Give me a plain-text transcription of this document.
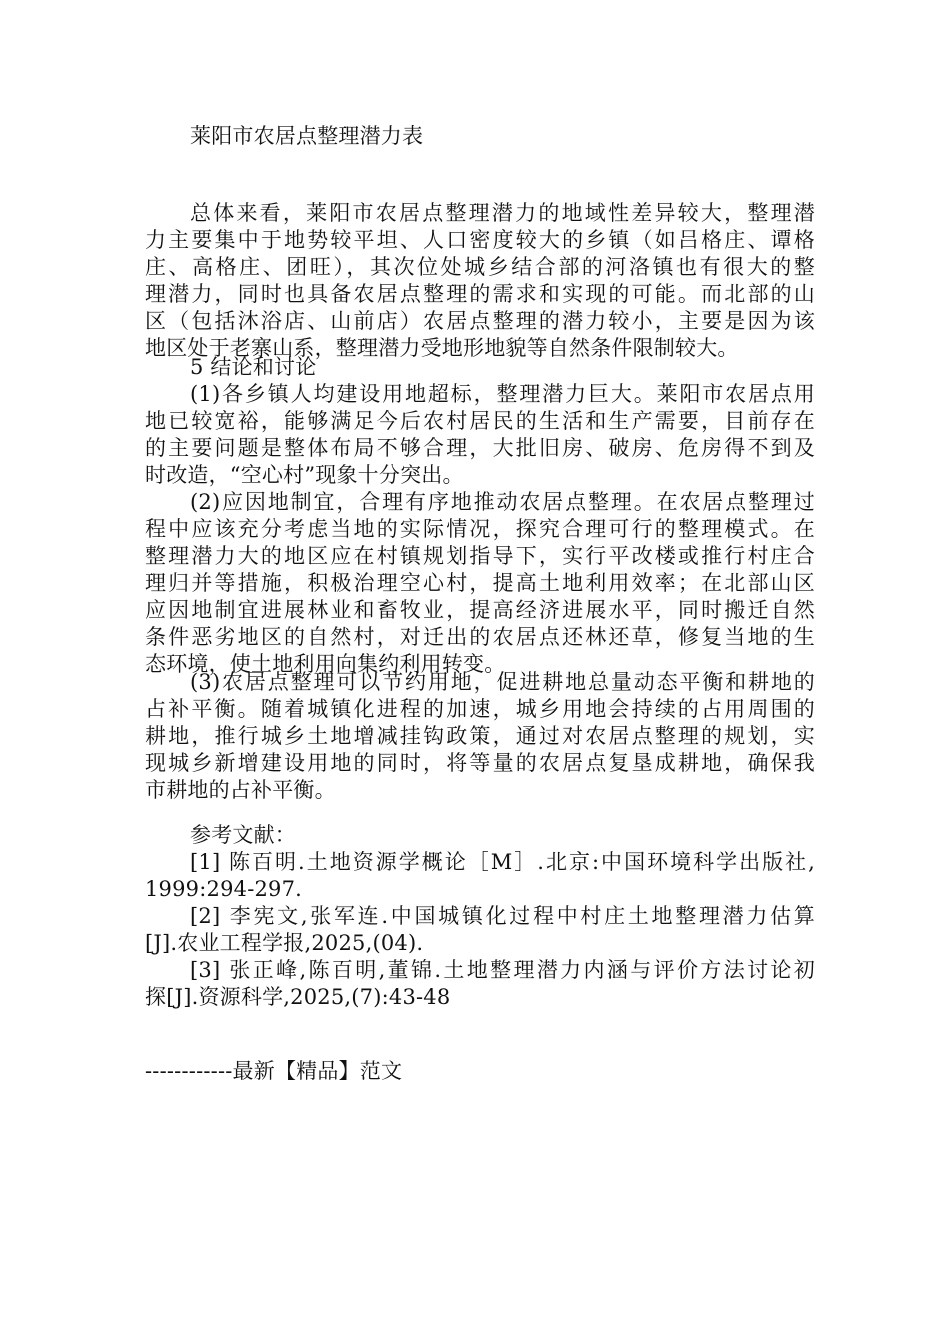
莱阳市农居点整理潜力表
总体来看，莱阳市农居点整理潜力的地域性差异较大，整理潜
力主要集中于地势较平坦、人口密度较大的乡镇（如吕格庄、谭格
庄、高格庄、团旺），其次位处城乡结合部的河洛镇也有很大的整
理潜力，同时也具备农居点整理的需求和实现的可能。而北部的山
区（包括沐浴店、山前店）农居点整理的潜力较小，主要是因为该
地区处于老寨山系，整理潜力受地形地貌等自然条件限制较大。
5 结论和讨论
(1)各乡镇人均建设用地超标，整理潜力巨大。莱阳市农居点用
地已较宽裕，能够满足今后农村居民的生活和生产需要，目前存在
的主要问题是整体布局不够合理，大批旧房、破房、危房得不到及
时改造，“空心村”现象十分突出。
(2)应因地制宜，合理有序地推动农居点整理。在农居点整理过
程中应该充分考虑当地的实际情况，探究合理可行的整理模式。在
整理潜力大的地区应在村镇规划指导下，实行平改楼或推行村庄合
理归并等措施，积极治理空心村，提高土地利用效率；在北部山区
应因地制宜进展林业和畜牧业，提高经济进展水平，同时搬迁自然
条件恶劣地区的自然村，对迁出的农居点还林还草，修复当地的生
态环境，使土地利用向集约利用转变。
(3)农居点整理可以节约用地，促进耕地总量动态平衡和耕地的
占补平衡。随着城镇化进程的加速，城乡用地会持续的占用周围的
耕地，推行城乡土地增减挂钩政策，通过对农居点整理的规划，实
现城乡新增建设用地的同时，将等量的农居点复垦成耕地，确保我
市耕地的占补平衡。
参考文献：
[1] 陈百明.土地资源学概论［M］.北京:中国环境科学出版社,
1999:294-297.
[2] 李宪文,张军连.中国城镇化过程中村庄土地整理潜力估算
[J].农业工程学报,2025,(04).
[3] 张正峰,陈百明,董锦.土地整理潜力内涵与评价方法讨论初
探[J].资源科学,2025,(7):43-48
------------最新【精品】范文
